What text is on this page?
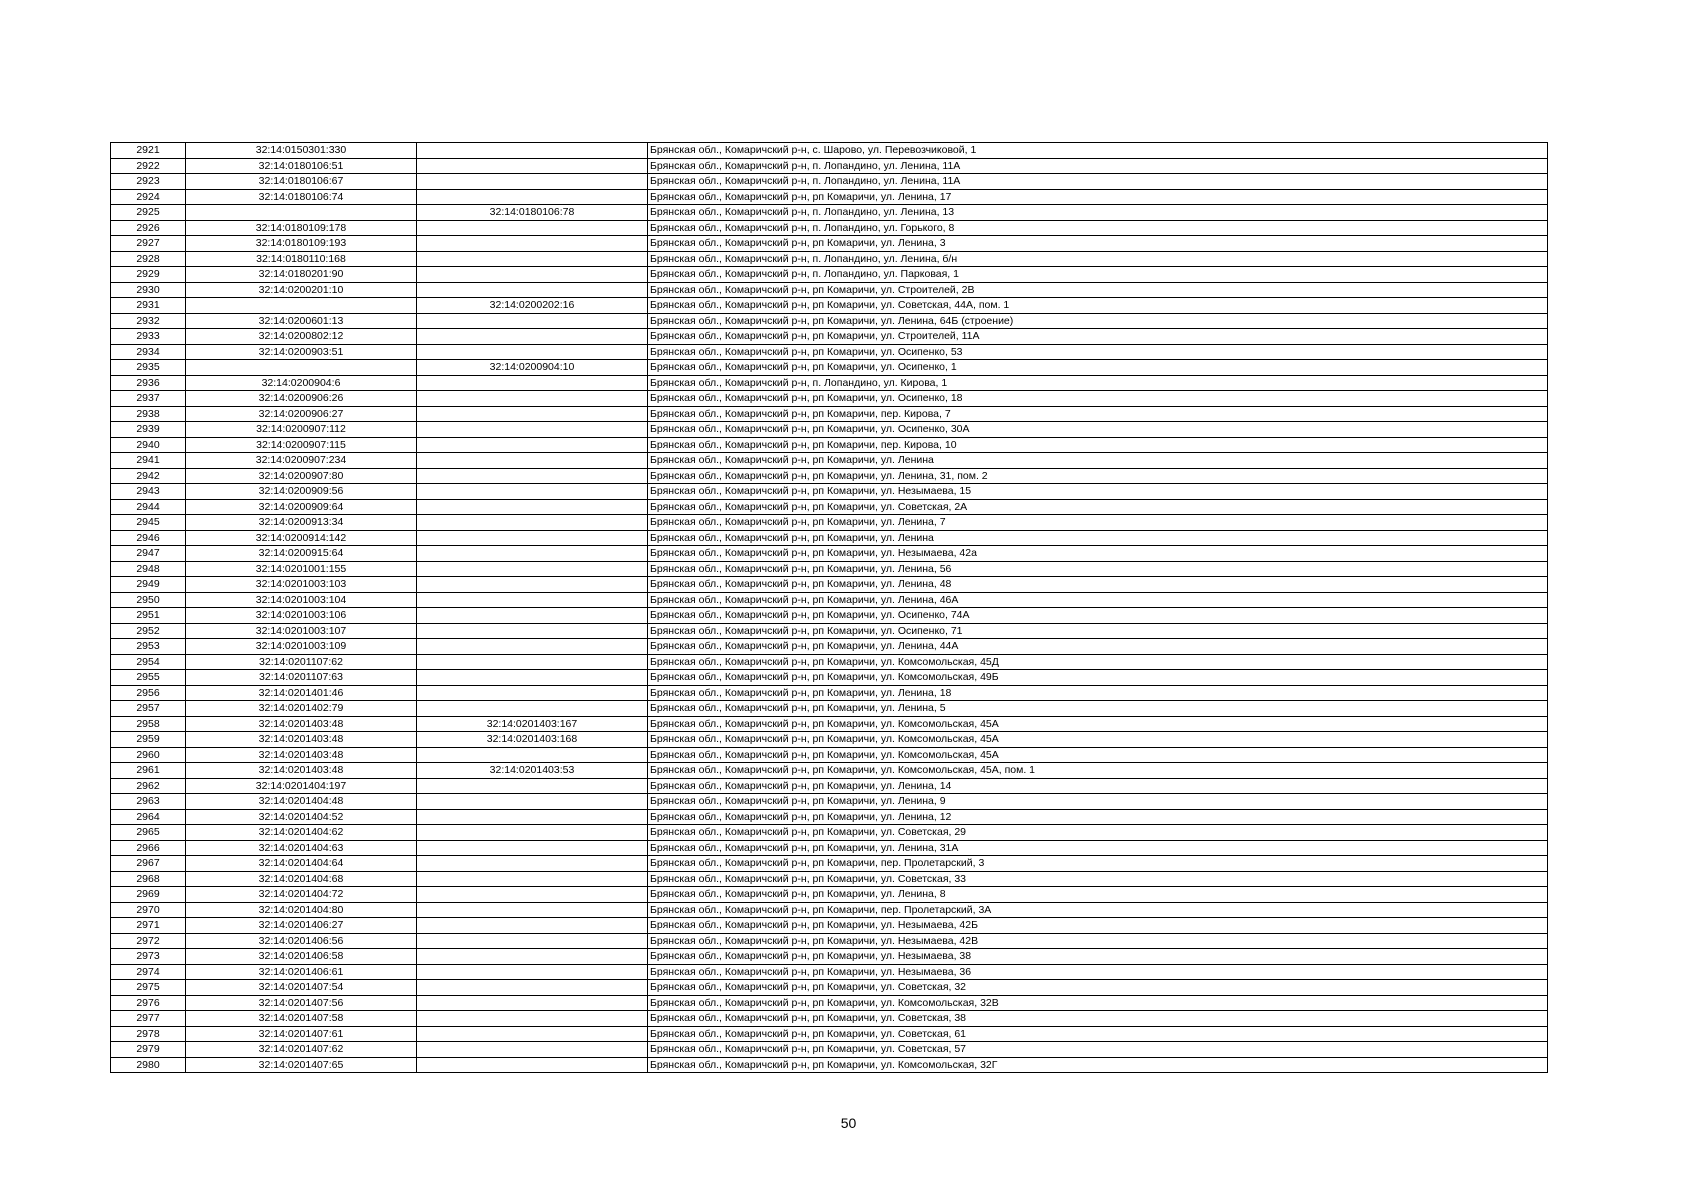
2921	32:14:0150301:330		Брянская обл., Комаричский р-н, с. Шарово, ул. Перевозчиковой, 1
2922	32:14:0180106:51		Брянская обл., Комаричский р-н, п. Лопандино, ул. Ленина, 11А
2923	32:14:0180106:67		Брянская обл., Комаричский р-н, п. Лопандино, ул. Ленина, 11А
2924	32:14:0180106:74		Брянская обл., Комаричский р-н, рп Комаричи, ул. Ленина, 17
2925		32:14:0180106:78	Брянская обл., Комаричский р-н, п. Лопандино, ул. Ленина, 13
2926	32:14:0180109:178		Брянская обл., Комаричский р-н, п. Лопандино, ул. Горького, 8
2927	32:14:0180109:193		Брянская обл., Комаричский р-н, рп Комаричи, ул. Ленина, 3
2928	32:14:0180110:168		Брянская обл., Комаричский р-н, п. Лопандино, ул. Ленина, б/н
2929	32:14:0180201:90		Брянская обл., Комаричский р-н, п. Лопандино, ул. Парковая, 1
2930	32:14:0200201:10		Брянская обл., Комаричский р-н, рп Комаричи, ул. Строителей, 2В
2931		32:14:0200202:16	Брянская обл., Комаричский р-н, рп Комаричи, ул. Советская, 44А, пом. 1
2932	32:14:0200601:13		Брянская обл., Комаричский р-н, рп Комаричи, ул. Ленина, 64Б (строение)
2933	32:14:0200802:12		Брянская обл., Комаричский р-н, рп Комаричи, ул. Строителей, 11А
2934	32:14:0200903:51		Брянская обл., Комаричский р-н, рп Комаричи, ул. Осипенко, 53
2935		32:14:0200904:10	Брянская обл., Комаричский р-н, рп Комаричи, ул. Осипенко, 1
2936	32:14:0200904:6		Брянская обл., Комаричский р-н, п. Лопандино, ул. Кирова, 1
2937	32:14:0200906:26		Брянская обл., Комаричский р-н, рп Комаричи, ул. Осипенко, 18
2938	32:14:0200906:27		Брянская обл., Комаричский р-н, рп Комаричи, пер. Кирова, 7
2939	32:14:0200907:112		Брянская обл., Комаричский р-н, рп Комаричи, ул. Осипенко, 30А
2940	32:14:0200907:115		Брянская обл., Комаричский р-н, рп Комаричи, пер. Кирова, 10
2941	32:14:0200907:234		Брянская обл., Комаричский р-н, рп Комаричи, ул. Ленина
2942	32:14:0200907:80		Брянская обл., Комаричский р-н, рп Комаричи, ул. Ленина, 31, пом. 2
2943	32:14:0200909:56		Брянская обл., Комаричский р-н, рп Комаричи, ул. Незымаева, 15
2944	32:14:0200909:64		Брянская обл., Комаричский р-н, рп Комаричи, ул. Советская, 2А
2945	32:14:0200913:34		Брянская обл., Комаричский р-н, рп Комаричи, ул. Ленина, 7
2946	32:14:0200914:142		Брянская обл., Комаричский р-н, рп Комаричи, ул. Ленина
2947	32:14:0200915:64		Брянская обл., Комаричский р-н, рп Комаричи, ул. Незымаева, 42а
2948	32:14:0201001:155		Брянская обл., Комаричский р-н, рп Комаричи, ул. Ленина, 56
2949	32:14:0201003:103		Брянская обл., Комаричский р-н, рп Комаричи, ул. Ленина, 48
2950	32:14:0201003:104		Брянская обл., Комаричский р-н, рп Комаричи, ул. Ленина, 46А
2951	32:14:0201003:106		Брянская обл., Комаричский р-н, рп Комаричи, ул. Осипенко, 74А
2952	32:14:0201003:107		Брянская обл., Комаричский р-н, рп Комаричи, ул. Осипенко, 71
2953	32:14:0201003:109		Брянская обл., Комаричский р-н, рп Комаричи, ул. Ленина, 44А
2954	32:14:0201107:62		Брянская обл., Комаричский р-н, рп Комаричи, ул. Комсомольская, 45Д
2955	32:14:0201107:63		Брянская обл., Комаричский р-н, рп Комаричи, ул. Комсомольская, 49Б
2956	32:14:0201401:46		Брянская обл., Комаричский р-н, рп Комаричи, ул. Ленина, 18
2957	32:14:0201402:79		Брянская обл., Комаричский р-н, рп Комаричи, ул. Ленина, 5
2958	32:14:0201403:48	32:14:0201403:167	Брянская обл., Комаричский р-н, рп Комаричи, ул. Комсомольская, 45А
2959	32:14:0201403:48	32:14:0201403:168	Брянская обл., Комаричский р-н, рп Комаричи, ул. Комсомольская, 45А
2960	32:14:0201403:48		Брянская обл., Комаричский р-н, рп Комаричи, ул. Комсомольская, 45А
2961	32:14:0201403:48	32:14:0201403:53	Брянская обл., Комаричский р-н, рп Комаричи, ул. Комсомольская, 45А, пом. 1
2962	32:14:0201404:197		Брянская обл., Комаричский р-н, рп Комаричи, ул. Ленина, 14
2963	32:14:0201404:48		Брянская обл., Комаричский р-н, рп Комаричи, ул. Ленина, 9
2964	32:14:0201404:52		Брянская обл., Комаричский р-н, рп Комаричи, ул. Ленина, 12
2965	32:14:0201404:62		Брянская обл., Комаричский р-н, рп Комаричи, ул. Советская, 29
2966	32:14:0201404:63		Брянская обл., Комаричский р-н, рп Комаричи, ул. Ленина, 31А
2967	32:14:0201404:64		Брянская обл., Комаричский р-н, рп Комаричи, пер. Пролетарский, 3
2968	32:14:0201404:68		Брянская обл., Комаричский р-н, рп Комаричи, ул. Советская, 33
2969	32:14:0201404:72		Брянская обл., Комаричский р-н, рп Комаричи, ул. Ленина, 8
2970	32:14:0201404:80		Брянская обл., Комаричский р-н, рп Комаричи, пер. Пролетарский, 3А
2971	32:14:0201406:27		Брянская обл., Комаричский р-н, рп Комаричи, ул. Незымаева, 42Б
2972	32:14:0201406:56		Брянская обл., Комаричский р-н, рп Комаричи, ул. Незымаева, 42В
2973	32:14:0201406:58		Брянская обл., Комаричский р-н, рп Комаричи, ул. Незымаева, 38
2974	32:14:0201406:61		Брянская обл., Комаричский р-н, рп Комаричи, ул. Незымаева, 36
2975	32:14:0201407:54		Брянская обл., Комаричский р-н, рп Комаричи, ул. Советская, 32
2976	32:14:0201407:56		Брянская обл., Комаричский р-н, рп Комаричи, ул. Комсомольская, 32В
2977	32:14:0201407:58		Брянская обл., Комаричский р-н, рп Комаричи, ул. Советская, 38
2978	32:14:0201407:61		Брянская обл., Комаричский р-н, рп Комаричи, ул. Советская, 61
2979	32:14:0201407:62		Брянская обл., Комаричский р-н, рп Комаричи, ул. Советская, 57
2980	32:14:0201407:65		Брянская обл., Комаричский р-н, рп Комаричи, ул. Комсомольская, 32Г
50
